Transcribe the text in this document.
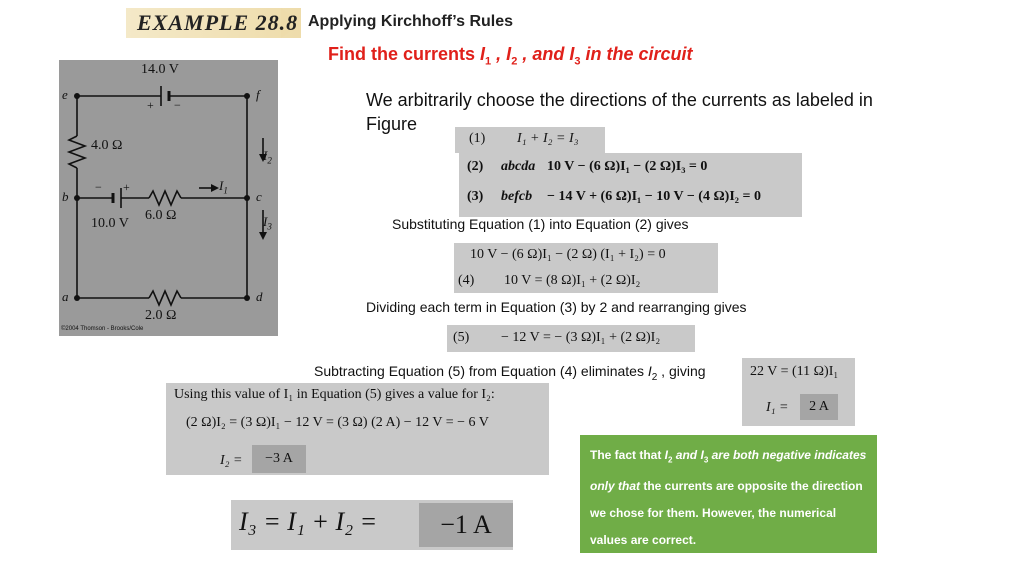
EXAMPLE 28.8 Applying Kirchhoff’s Rules
Find the currents $I_1$ , $I_2$ , and $I_3$ in the circuit
14.0 V
+ −
4.0 Ω
− +
10.0 V
6.0 Ω
2.0 Ω
e	f
b	c
a	d
$I_1$
$I_2$
$I_3$
©2004 Thomson - Brooks/Cole
We arbitrarily choose the directions of the currents as labeled in Figure
(1) I₁ + I₂ = I₃
(2) abcda 10 V − (6 Ω)I₁ − (2 Ω)I₃ = 0
(3) befcb − 14 V + (6 Ω)I₁ − 10 V − (4 Ω)I₂ = 0
Substituting Equation (1) into Equation (2) gives
10 V − (6 Ω)I₁ − (2 Ω) (I₁ + I₂) = 0
(4) 10 V = (8 Ω)I₁ + (2 Ω)I₂
Dividing each term in Equation (3) by 2 and rearranging gives
(5) − 12 V = − (3 Ω)I₁ + (2 Ω)I₂
Subtracting Equation (5) from Equation (4) eliminates $I_2$ , giving	22 V = (11 Ω)I₁
I₁ =	2 A
Using this value of I₁ in Equation (5) gives a value for I₂:
(2 Ω)I₂ = (3 Ω)I₁ − 12 V = (3 Ω) (2 A) − 12 V = − 6 V
I₂ =	−3 A
I₃ = I₁ + I₂ =	−1 A
The fact that $I_2$ and $I_3$ are both negative indicates only that the currents are opposite the direction we chose for them. However, the numerical values are correct.
